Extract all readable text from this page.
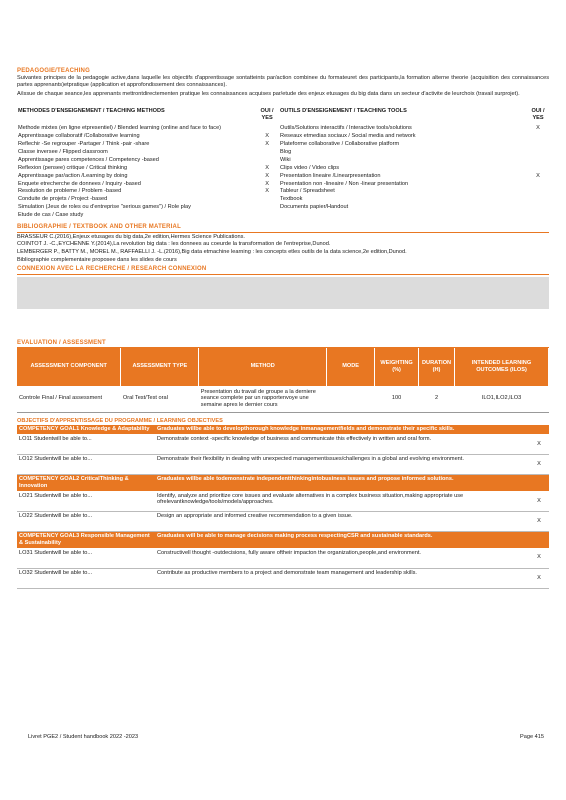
PEDAGOGIE/TEACHING

Suivantes principes de la pedagogie active,dans laquelle les objectifs d'apprentissage sontatteints par/action combinee du formateuret des participants,la formation alterne theorie (acquisition des connaissances partes apprenants)etpratique (application et approfondissement des connaissances).

A/issue de chaque seance,les apprenants mettrontdirectementen pratique les connaissances acquises par/etude des enjeux etusages du big data dans un secteur d'activite de leurchoix (travail surprojet).

METHODES D'ENSEIGNEMENT / TEACHING METHODS	OUI / YES	OUTILS D'ENSEIGNEMENT / TEACHING TOOLS	OUI / YES
Methode mixtes (en ligne etpresentiel) / Blended learning (online and face to face)		Outils/Solutions interactifs / Interactive tools/solutions	X
Apprentissage collaboratif /Collaborative learning	X	Reseaux etmedias sociaux / Social media and network	
Reflechir -Se regrouper -Partager / Think -pair -share	X	Plateforme collaborative / Collaborative platform	
Classe inversee / Flipped classroom		Blog	
Apprentissage pares competences / Competency -based		Wiki	
Reflexion (pensee) critique / Critical thinking	X	Clips video / Video clips	
Apprentissage par/action /Learning by doing	X	Presentation lineaire /Linearpresentation	X
Enquete etrecherche de donnees / Inquiry -based	X	Presentation non -lineaire / Non -linear presentation	
Resolution de probleme / Problem -based	X	Tableur / Spreadsheet	
Conduite de projets / Project -based		Textbook	
Simulation (Jeux de roles ou d'entreprise "serious games") / Role play		Documents papier/Handout	
Etude de cas / Case study			
BIBLIOGRAPHIE / TEXTBOOK AND OTHER MATERIAL

BRASSEUR C.(2016),Enjeux etusages du big data,2e edition,Hermes Science Publications.

COINTOT J. -C.,EYCHENNE Y.(2014),La revolution big data : les donnees au coeurde la transformation de l'entreprise,Dunod.

LEMBERGER P., BATTY M., MOREL M., RAFFAELLI J. -L.(2016),Big data etmachine learning : les concepts etles outils de la data science,2e edition,Dunod.

Bibliographie complementaire proposee dans les slides de cours

CONNEXION AVEC LA RECHERCHE / RESEARCH CONNEXION
EVALUATION / ASSESSMENT
ASSESSMENT COMPONENT	ASSESSMENT TYPE	METHOD	MODE	WEIGHTING (%)	DURATION (H)	INTENDED LEARNING OUTCOMES (ILOS)
Controle Final / Final assessment	Oral Test/Test oral	Presentation du travail de groupe a la derniere seance complete par un rapportenvoye une semaine apres le dernier cours		100	2	ILO1,ILO2,ILO3
OBJECTIFS D'APPRENTISSAGE DU PROGRAMME / LEARNING OBJECTIVES
COMPETENCY GOAL1 Knowledge & Adaptability	Graduates willbe able to developthorough knowledge inmanagementfields and demonstrate their specific skills.	
LO11 Studentwill be able to...	Demonstrate context -specific knowledge of business and communicate this effectively in written and oral form.	X
LO12 Studentwill be able to...	Demonstrate their flexibility in dealing with unexpected managementissues/challenges in a global and evolving environment.	X
COMPETENCY GOAL2 CriticalThinking & Innovation	Graduates willbe able todemonstrate independentthinkingintobusiness issues and propose informed solutions.	
LO21 Studentwill be able to...	Identify, analyze and prioritize core issues and evaluate alternatives in a complex business situation,making appropriate use ofrelevantknowledge/tools/models/approaches.	X
LO22 Studentwill be able to...	Design an appropriate and informed creative recommendation to a given issue.	X
COMPETENCY GOAL3 Responsible Management & Sustainability	Graduates will be able to manage decisions making process respectingCSR and sustainable standards.	
LO31 Studentwill be able to...	Constructivell thought -outdecisions, fully aware oftheir impacton the organization,people,and environment.	X
LO32 Studentwill be able to...	Contribute as productive members to a project and demonstrate team management and leadership skills.	X
Livret PGE2 / Student handbook 2022 -2023	Page 415
